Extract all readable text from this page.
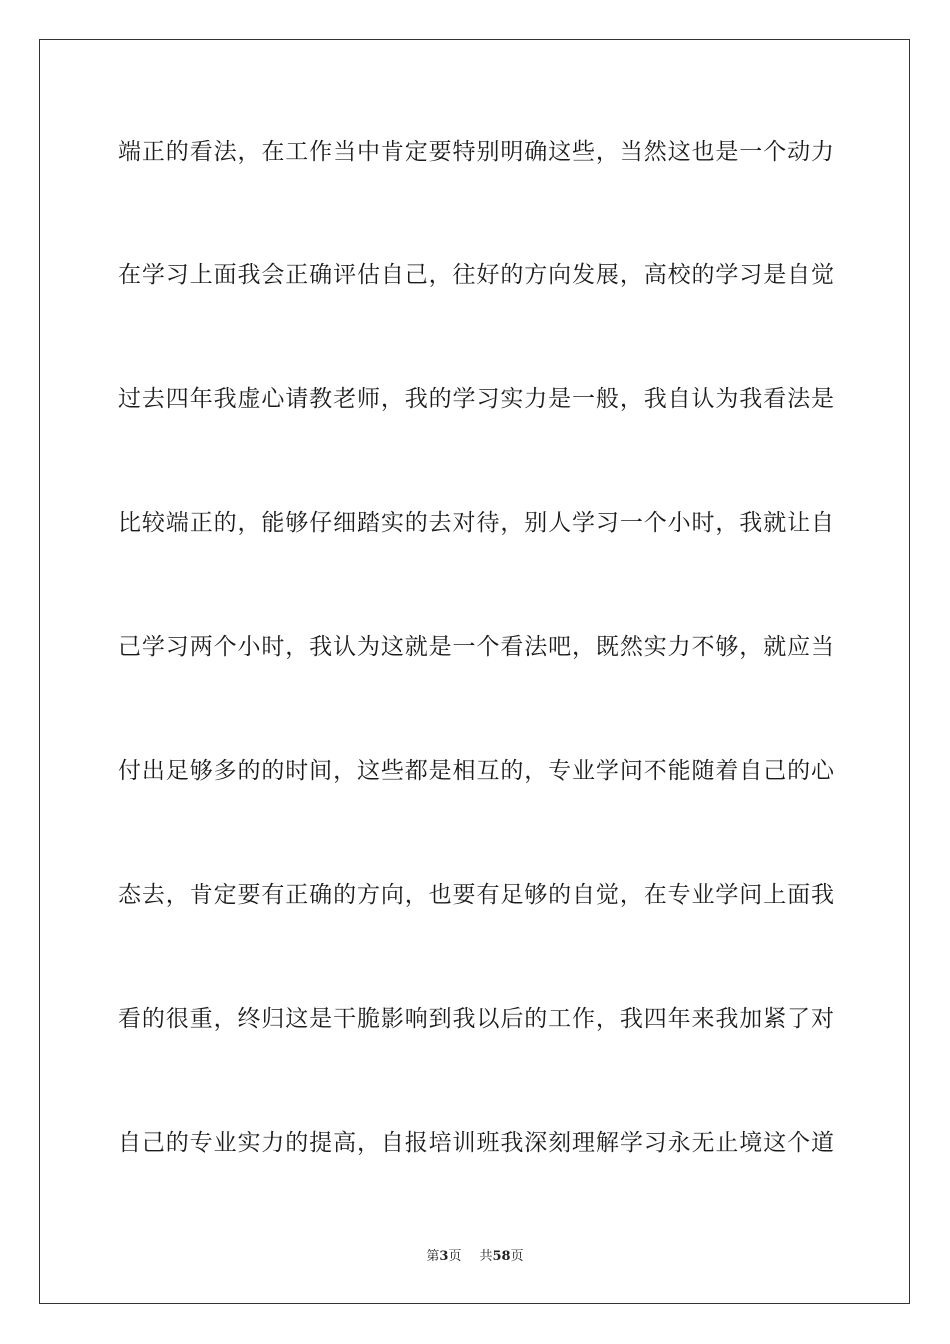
端正的看法，在工作当中肯定要特别明确这些，当然这也是一个动力
在学习上面我会正确评估自己，往好的方向发展，高校的学习是自觉
过去四年我虚心请教老师，我的学习实力是一般，我自认为我看法是
比较端正的，能够仔细踏实的去对待，别人学习一个小时，我就让自
己学习两个小时，我认为这就是一个看法吧，既然实力不够，就应当
付出足够多的的时间，这些都是相互的，专业学问不能随着自己的心
态去，肯定要有正确的方向，也要有足够的自觉，在专业学问上面我
看的很重，终归这是干脆影响到我以后的工作，我四年来我加紧了对
自己的专业实力的提高，自报培训班我深刻理解学习永无止境这个道
第3页 共58页
